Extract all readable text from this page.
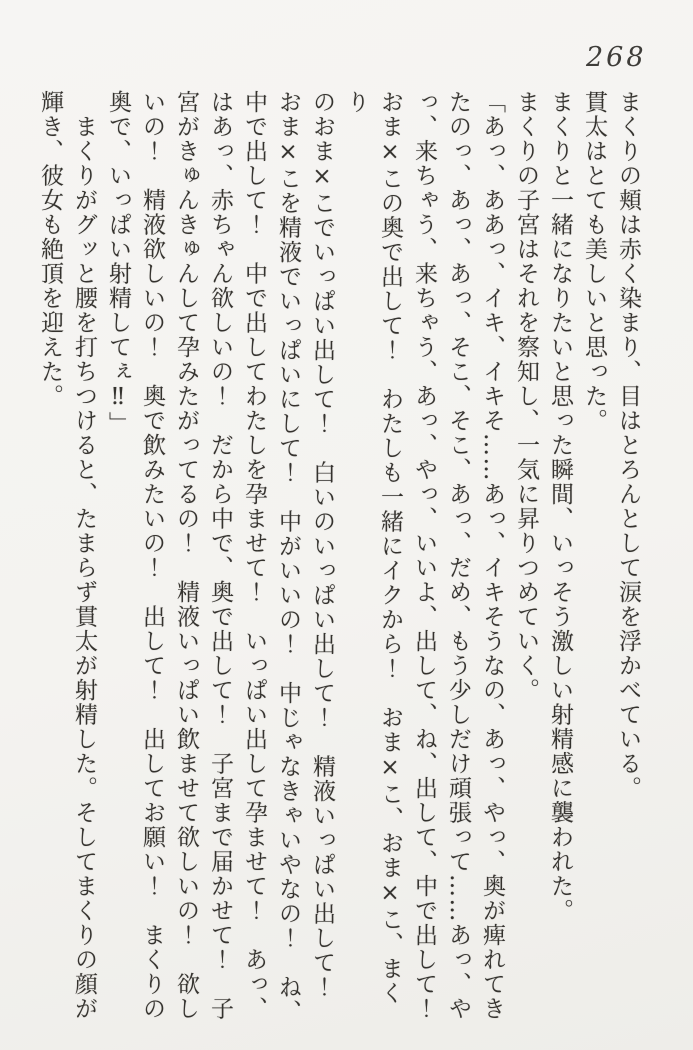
268
まくりの頬は赤く染まり、目はとろんとして涙を浮かべている。
貫太はとても美しいと思った。
まくりと一緒になりたいと思った瞬間、いっそう激しい射精感に襲われた。
まくりの子宮はそれを察知し、一気に昇りつめていく。
「あっ、ああっ、イキ、イキそ……あっ、イキそうなの、あっ、やっ、奥が痺れてき
たのっ、あっ、あっ、そこ、そこ、あっ、だめ、もう少しだけ頑張って……あっ、や
っ、来ちゃう、来ちゃう、あっ、やっ、いいよ、出して、ね、出して、中で出して！
おま×この奥で出して！　わたしも一緒にイクから！　おま×こ、おま×こ、まくり
のおま×こでいっぱい出して！　白いのいっぱい出して！　精液いっぱい出して！
おま×こを精液でいっぱいにして！　中がいいの！　中じゃなきゃいやなの！　ね、
中で出して！　中で出してわたしを孕ませて！　いっぱい出して孕ませて！　あっ、
はあっ、赤ちゃん欲しいの！　だから中で、奥で出して！　子宮まで届かせて！　子
宮がきゅんきゅんして孕みたがってるの！　精液いっぱい飲ませて欲しいの！　欲し
いの！　精液欲しいの！　奥で飲みたいの！　出して！　出してお願い！　まくりの
奥で、いっぱい射精してぇ‼」
　まくりがグッと腰を打ちつけると、たまらず貫太が射精した。そしてまくりの顔が
輝き、彼女も絶頂を迎えた。
